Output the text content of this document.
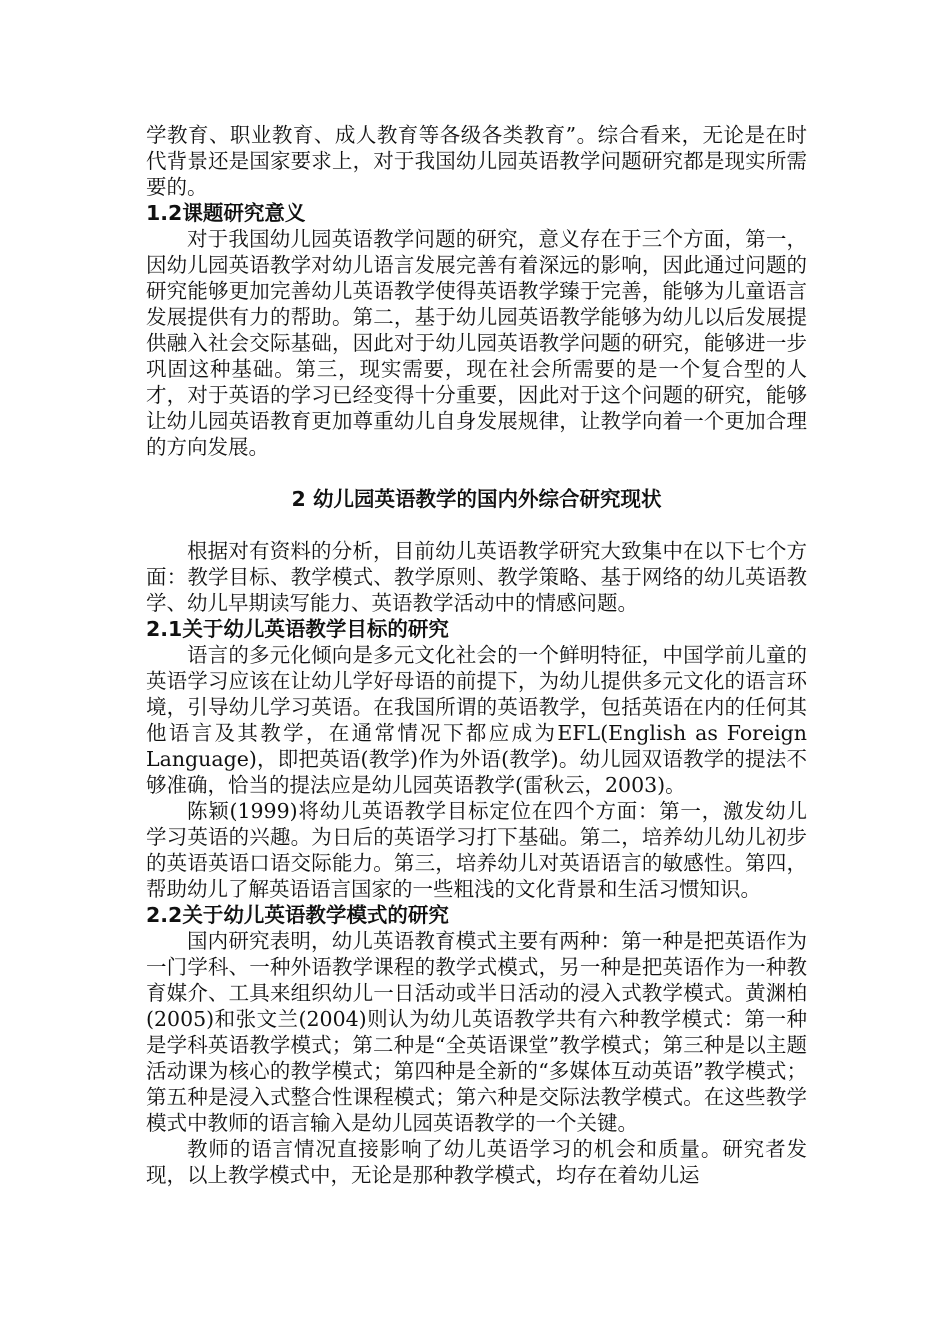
学教育、职业教育、成人教育等各级各类教育”。综合看来，无论是在时代背景还是国家要求上，对于我国幼儿园英语教学问题研究都是现实所需要的。

1.2课题研究意义

对于我国幼儿园英语教学问题的研究，意义存在于三个方面，第一，因幼儿园英语教学对幼儿语言发展完善有着深远的影响，因此通过问题的研究能够更加完善幼儿英语教学使得英语教学臻于完善，能够为儿童语言发展提供有力的帮助。第二，基于幼儿园英语教学能够为幼儿以后发展提供融入社会交际基础，因此对于幼儿园英语教学问题的研究，能够进一步巩固这种基础。第三，现实需要，现在社会所需要的是一个复合型的人才，对于英语的学习已经变得十分重要，因此对于这个问题的研究，能够让幼儿园英语教育更加尊重幼儿自身发展规律，让教学向着一个更加合理的方向发展。

2 幼儿园英语教学的国内外综合研究现状

根据对有资料的分析，目前幼儿英语教学研究大致集中在以下七个方面：教学目标、教学模式、教学原则、教学策略、基于网络的幼儿英语教学、幼儿早期读写能力、英语教学活动中的情感问题。

2.1关于幼儿英语教学目标的研究

语言的多元化倾向是多元文化社会的一个鲜明特征，中国学前儿童的英语学习应该在让幼儿学好母语的前提下，为幼儿提供多元文化的语言环境，引导幼儿学习英语。在我国所谓的英语教学，包括英语在内的任何其他语言及其教学，在通常情况下都应成为EFL(English as Foreign Language)，即把英语(教学)作为外语(教学)。幼儿园双语教学的提法不够准确，恰当的提法应是幼儿园英语教学(雷秋云，2003)。

陈颖(1999)将幼儿英语教学目标定位在四个方面：第一，激发幼儿学习英语的兴趣。为日后的英语学习打下基础。第二，培养幼儿幼儿初步的英语英语口语交际能力。第三，培养幼儿对英语语言的敏感性。第四，帮助幼儿了解英语语言国家的一些粗浅的文化背景和生活习惯知识。

2.2关于幼儿英语教学模式的研究

国内研究表明，幼儿英语教育模式主要有两种：第一种是把英语作为一门学科、一种外语教学课程的教学式模式，另一种是把英语作为一种教育媒介、工具来组织幼儿一日活动或半日活动的浸入式教学模式。黄渊柏(2005)和张文兰(2004)则认为幼儿英语教学共有六种教学模式：第一种是学科英语教学模式；第二种是“全英语课堂”教学模式；第三种是以主题活动课为核心的教学模式；第四种是全新的“多媒体互动英语”教学模式；第五种是浸入式整合性课程模式；第六种是交际法教学模式。在这些教学模式中教师的语言输入是幼儿园英语教学的一个关键。

教师的语言情况直接影响了幼儿英语学习的机会和质量。研究者发现，以上教学模式中，无论是那种教学模式，均存在着幼儿运
